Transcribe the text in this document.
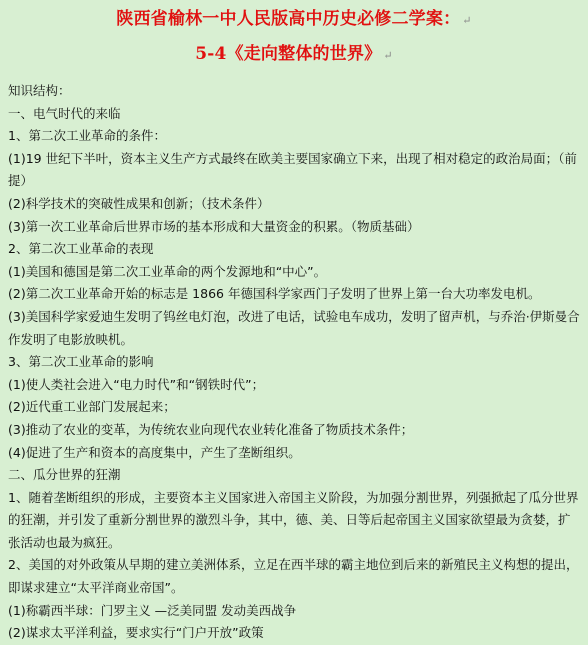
陕西省榆林一中人民版高中历史必修二学案： ↵
5-4《走向整体的世界》 ↵
知识结构：
一、电气时代的来临
1、第二次工业革命的条件：
(1)19 世纪下半叶，资本主义生产方式最终在欧美主要国家确立下来，出现了相对稳定的政治局面；（前提）
(2)科学技术的突破性成果和创新；（技术条件）
(3)第一次工业革命后世界市场的基本形成和大量资金的积累。（物质基础）
2、第二次工业革命的表现
(1)美国和德国是第二次工业革命的两个发源地和“中心”。
(2)第二次工业革命开始的标志是 1866 年德国科学家西门子发明了世界上第一台大功率发电机。
(3)美国科学家爱迪生发明了钨丝电灯泡，改进了电话，试验电车成功，发明了留声机，与乔治·伊斯曼合作发明了电影放映机。
3、第二次工业革命的影响
(1)使人类社会进入“电力时代”和“钢铁时代”；
(2)近代重工业部门发展起来；
(3)推动了农业的变革，为传统农业向现代农业转化准备了物质技术条件；
(4)促进了生产和资本的高度集中，产生了垄断组织。
二、瓜分世界的狂潮
1、随着垄断组织的形成，主要资本主义国家进入帝国主义阶段，为加强分割世界，列强掀起了瓜分世界的狂潮，并引发了重新分割世界的激烈斗争，其中，德、美、日等后起帝国主义国家欲望最为贪婪，扩张活动也最为疯狂。
2、美国的对外政策从早期的建立美洲体系，立足在西半球的霸主地位到后来的新殖民主义构想的提出，即谋求建立“太平洋商业帝国”。
(1)称霸西半球：门罗主义 —泛美同盟 发动美西战争
(2)谋求太平洋利益，要求实行“门户开放”政策
